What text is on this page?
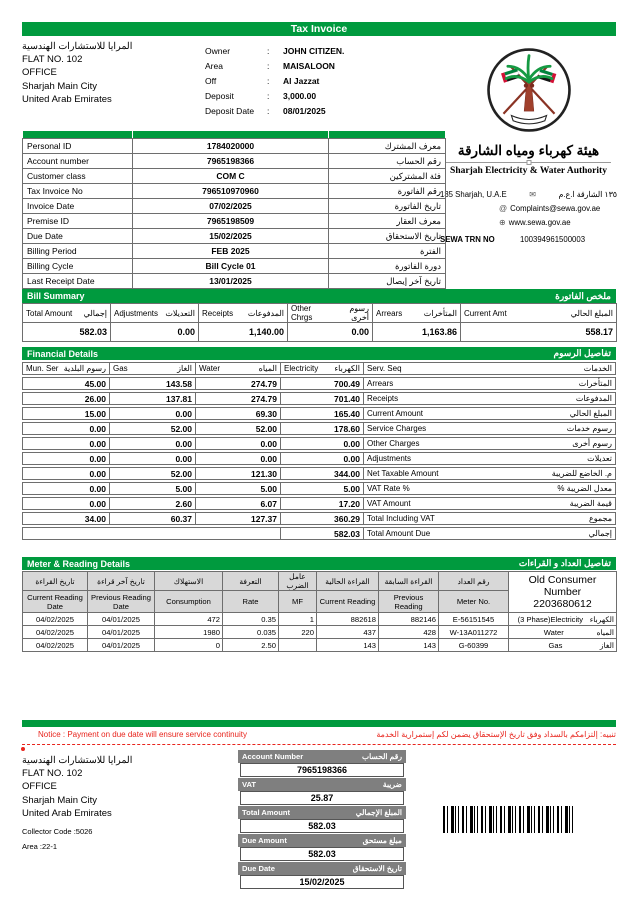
Tax Invoice
المرايا للاستشارات الهندسية
FLAT NO. 102
OFFICE
Sharjah Main City
United Arab Emirates
Owner	:	JOHN CITIZEN.
Area	:	MAISALOON
Off	:	Al Jazzat
Deposit	:	3,000.00
Deposit Date	:	08/01/2025
هيئة كهرباء ومياه الشارقة
Sharjah Electricity & Water Authority
135 Sharjah, U.A.E	✉	١٣٥ الشارقة ا.ع.م
@ Complaints@sewa.gov.ae
⊕ www.sewa.gov.ae
SEWA TRN NO	100394961500003

Personal ID	1784020000	معرف المشترك
Account number	7965198366	رقم الحساب
Customer class	COM C	فئة المشتركين
Tax Invoice No	796510970960	رقم الفاتورة
Invoice Date	07/02/2025	تاريخ الفاتورة
Premise ID	7965198509	معرف العقار
Due Date	15/02/2025	تاريخ الاستحقاق
Billing Period	FEB 2025	الفترة
Billing Cycle	Bill Cycle 01	دورة الفاتورة
Last Receipt Date	13/01/2025	تاريخ آخر إيصال
Bill Summary	ملخص الفاتورة
Total Amount إجمالي	Adjustments التعديلات	Receipts المدفوعات	Other Chrgs
رسوم أخرى	Arrears المتأخرات	Current Amt المبلغ الحالي

582.03	0.00	1,140.00	0.00	1,163.86	558.17
Financial Details	تفاصيل الرسوم
Mun. Ser رسوم البلدية Gas	الغاز Water	المياه Electricity الكهرباء Serv. Seq	الخدمات
45.00	143.58	274.79	700.49 Arrears	المتأخرات
26.00	137.81	274.79	701.40 Receipts	المدفوعات
15.00	0.00	69.30	165.40 Current Amount	المبلغ الحالي
0.00	52.00	52.00	178.60 Service Charges	رسوم خدمات
0.00	0.00	0.00	0.00 Other Charges	رسوم أخرى
0.00	0.00	0.00	0.00 Adjustments	تعديلات
0.00	52.00	121.30	344.00 Net Taxable Amount	م. الخاضع للضريبة
0.00	5.00	5.00	5.00 VAT Rate %	معدل الضريبة %
0.00	2.60	6.07	17.20 VAT Amount	قيمة الضريبة
34.00	60.37	127.37	360.29 Total Including VAT	مجموع
582.03 Total Amount Due	إجمالي
Meter & Reading Details	تفاصيل العداد و القراءات
تاريخ القراءة	تاريخ آخر قراءة	الاستهلاك	التعرفة	عامل الضرب	القراءة الحالية	القراءة السابقة	رقم العداد	Old Consumer Number
2203680612

Current Reading Date	Previous Reading Date	Consumption	Rate	MF	Current Reading	Previous Reading	Meter No.	
04/02/2025	04/01/2025	472	0.35	1	882618	882146	E-56151545	(3 Phase)Electricity الكهرباء

04/02/2025	04/01/2025	1980	0.035	220	437	428	W-13A011272	Water المياه

04/02/2025	04/01/2025	0	2.50		143	143	G-60399	Gas الغاز
Notice : Payment on due date will ensure service continuity	تنبيه: إلتزامكم بالسداد وفق تاريخ الإستحقاق يضمن لكم إستمرارية الخدمة
المرايا للاستشارات الهندسية
FLAT NO. 102
OFFICE
Sharjah Main City
United Arab Emirates
Collector Code :5026
Area :22-1
Account Number	رقم الحساب
7965198366
VAT	ضريبة
25.87
Total Amount	المبلغ الإجمالي
582.03
Due Amount	مبلغ مستحق
582.03
Due Date	تاريخ الاستحقاق
15/02/2025
